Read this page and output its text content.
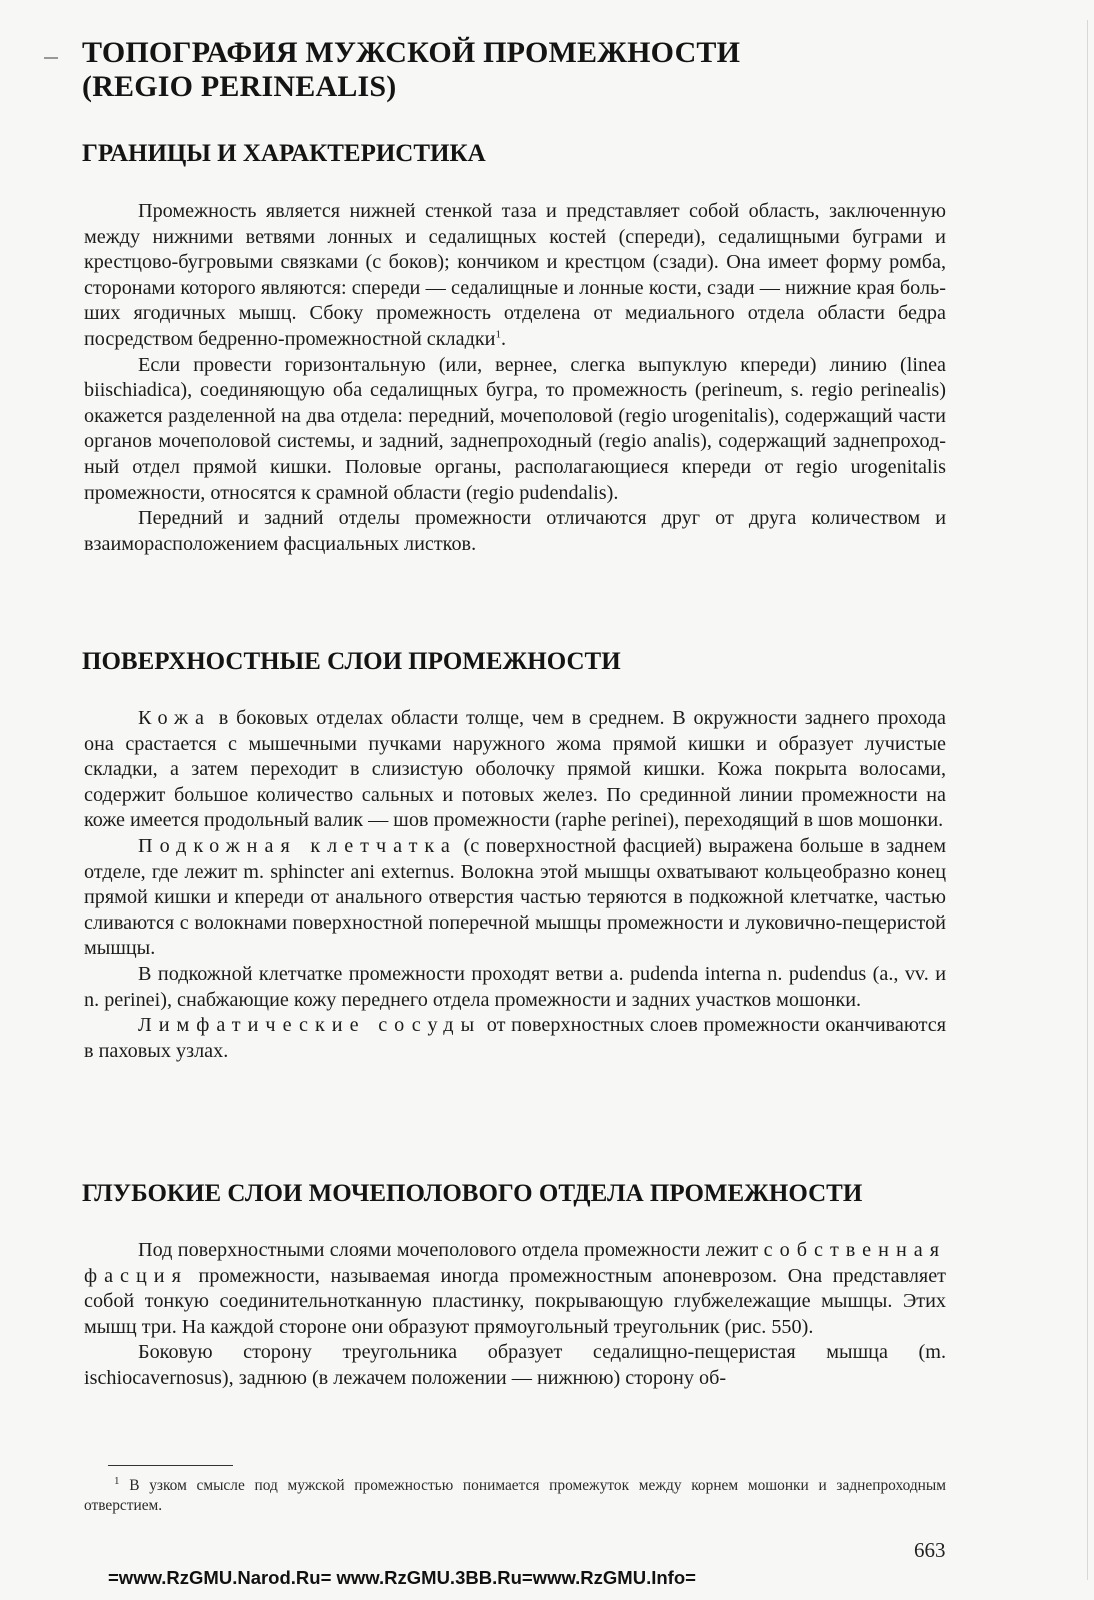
ТОПОГРАФИЯ МУЖСКОЙ ПРОМЕЖНОСТИ
(REGIO PERINEALIS)
ГРАНИЦЫ И ХАРАКТЕРИСТИКА

Промежность является нижней стенкой таза и представляет собой область, заключенную между нижними ветвями лонных и седалищных костей (спереди), седалищными буграми и крестцово-бугровыми связками (с боков); кончиком и крестцом (сзади). Она имеет форму ромба, сторонами которого являются: спереди — седалищные и лонные кости, сзади — нижние края больших ягодичных мышц. Сбоку промежность отделена от медиального отдела области бедра посредством бедренно-промежностной складки$^1$.

Если провести горизонтальную (или, вернее, слегка выпуклую кпереди) линию (linea biischiadica), соединяющую оба седалищных бугра, то промежность (perineum, s. regio perinealis) окажется разделенной на два отдела: передний, мочеполовой (regio urogenitalis), содержащий части органов мочеполовой системы, и задний, заднепроходный (regio analis), содержащий заднепроходный отдел прямой кишки. Половые органы, располагающиеся кпереди от regio urogenitalis промежности, относятся к срамной области (regio pudendalis).

Передний и задний отделы промежности отличаются друг от друга количеством и взаиморасположением фасциальных листков.

ПОВЕРХНОСТНЫЕ СЛОИ ПРОМЕЖНОСТИ

Кожа в боковых отделах области толще, чем в среднем. В окружности заднего прохода она срастается с мышечными пучками наружного жома прямой кишки и образует лучистые складки, а затем переходит в слизистую оболочку прямой кишки. Кожа покрыта волосами, содержит большое количество сальных и потовых желез. По срединной линии промежности на коже имеется продольный валик — шов промежности (raphe perinei), переходящий в шов мошонки.

Подкожная клетчатка (с поверхностной фасцией) выражена больше в заднем отделе, где лежит m. sphincter ani externus. Волокна этой мышцы охватывают кольцеобразно конец прямой кишки и кпереди от анального отверстия частью теряются в подкожной клетчатке, частью сливаются с волокнами поверхностной поперечной мышцы промежности и луковично-пещеристой мышцы.

В подкожной клетчатке промежности проходят ветви a. pudenda interna n. pudendus (a., vv. и n. perinei), снабжающие кожу переднего отдела промежности и задних участков мошонки.

Лимфатические сосуды от поверхностных слоев промежности оканчиваются в паховых узлах.

ГЛУБОКИЕ СЛОИ МОЧЕПОЛОВОГО ОТДЕЛА ПРОМЕЖНОСТИ

Под поверхностными слоями мочеполового отдела промежности лежит собственная фасция промежности, называемая иногда промежностным апоневрозом. Она представляет собой тонкую соединительнотканную пластинку, покрывающую глубжележащие мышцы. Этих мышц три. На каждой стороне они образуют прямоугольный треугольник (рис. 550).

Боковую сторону треугольника образует седалищно-пещеристая мышца (m. ischiocavernosus), заднюю (в лежачем положении — нижнюю) сторону об-

$^1$ В узком смысле под мужской промежностью понимается промежуток между корнем мошонки и заднепроходным отверстием.

663
=www.RzGMU.Narod.Ru= www.RzGMU.3BB.Ru=www.RzGMU.Info=
